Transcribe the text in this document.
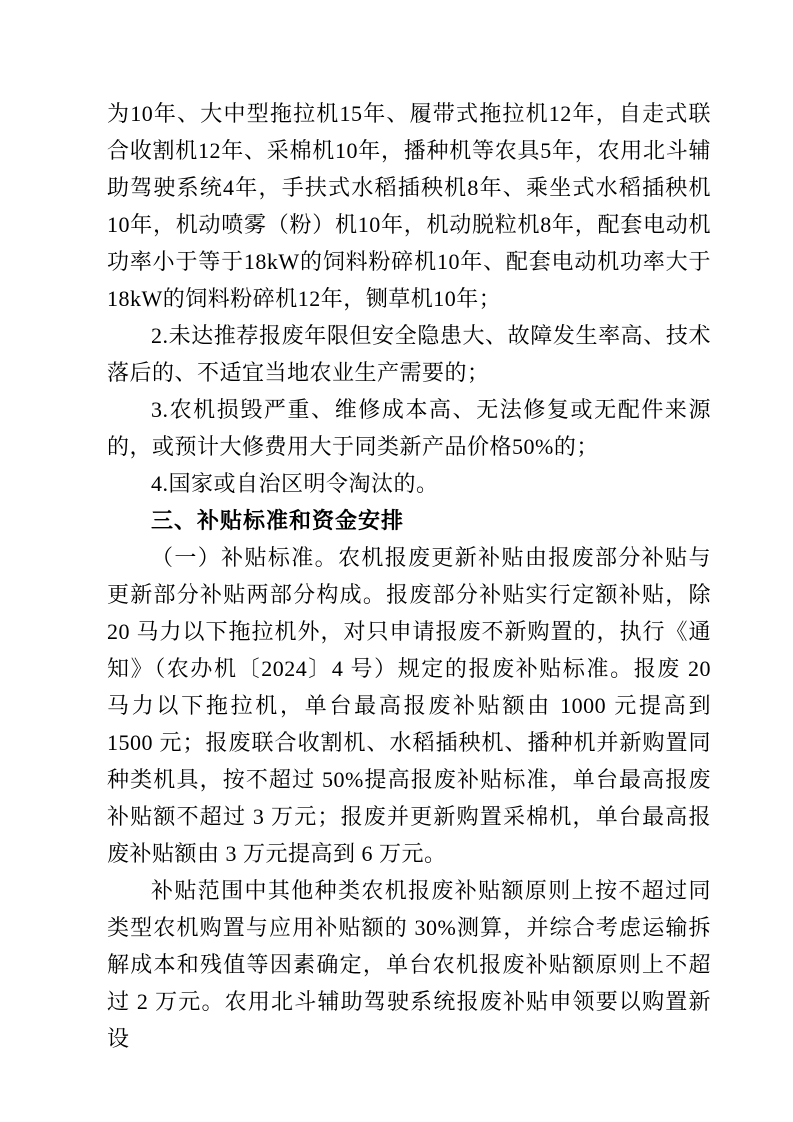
为10年、大中型拖拉机15年、履带式拖拉机12年，自走式联合收割机12年、采棉机10年，播种机等农具5年，农用北斗辅助驾驶系统4年，手扶式水稻插秧机8年、乘坐式水稻插秧机10年，机动喷雾（粉）机10年，机动脱粒机8年，配套电动机功率小于等于18kW的饲料粉碎机10年、配套电动机功率大于18kW的饲料粉碎机12年，铡草机10年；

2.未达推荐报废年限但安全隐患大、故障发生率高、技术落后的、不适宜当地农业生产需要的；

3.农机损毁严重、维修成本高、无法修复或无配件来源的，或预计大修费用大于同类新产品价格50%的；

4.国家或自治区明令淘汰的。

三、补贴标准和资金安排

（一）补贴标准。农机报废更新补贴由报废部分补贴与更新部分补贴两部分构成。报废部分补贴实行定额补贴，除 20 马力以下拖拉机外，对只申请报废不新购置的，执行《通知》（农办机〔2024〕4 号）规定的报废补贴标准。报废 20 马力以下拖拉机，单台最高报废补贴额由 1000 元提高到 1500 元；报废联合收割机、水稻插秧机、播种机并新购置同种类机具，按不超过 50%提高报废补贴标准，单台最高报废补贴额不超过 3 万元；报废并更新购置采棉机，单台最高报废补贴额由 3 万元提高到 6 万元。

补贴范围中其他种类农机报废补贴额原则上按不超过同类型农机购置与应用补贴额的 30%测算，并综合考虑运输拆解成本和残值等因素确定，单台农机报废补贴额原则上不超过 2 万元。农用北斗辅助驾驶系统报废补贴申领要以购置新设
